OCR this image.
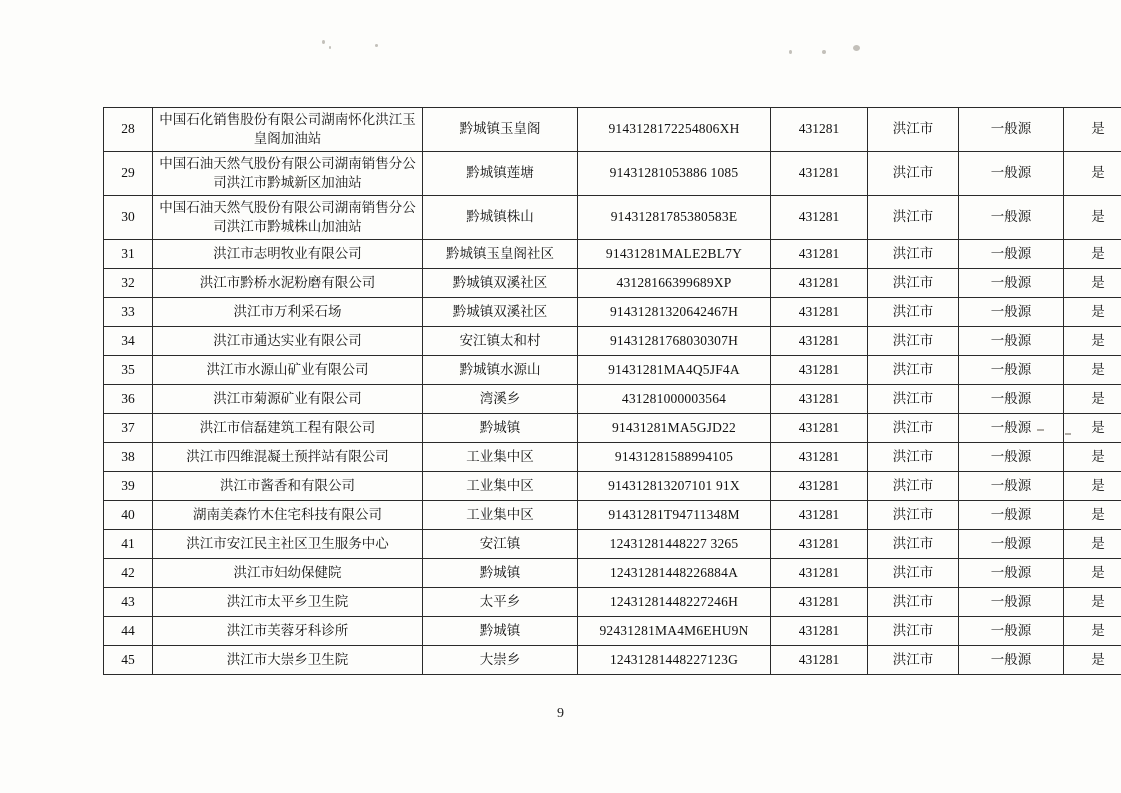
28	中国石化销售股份有限公司湖南怀化洪江玉皇阁加油站	黔城镇玉皇阁	9143128172254806XH	431281	洪江市	一般源	是
29	中国石油天然气股份有限公司湖南销售分公司洪江市黔城新区加油站	黔城镇莲塘	91431281053886 1085	431281	洪江市	一般源	是
30	中国石油天然气股份有限公司湖南销售分公司洪江市黔城株山加油站	黔城镇株山	91431281785380583E	431281	洪江市	一般源	是
31	洪江市志明牧业有限公司	黔城镇玉皇阁社区	91431281MALE2BL7Y	431281	洪江市	一般源	是
32	洪江市黔桥水泥粉磨有限公司	黔城镇双溪社区	43128166399689XP	431281	洪江市	一般源	是
33	洪江市万利采石场	黔城镇双溪社区	91431281320642467H	431281	洪江市	一般源	是
34	洪江市通达实业有限公司	安江镇太和村	91431281768030307H	431281	洪江市	一般源	是
35	洪江市水源山矿业有限公司	黔城镇水源山	91431281MA4Q5JF4A	431281	洪江市	一般源	是
36	洪江市菊源矿业有限公司	湾溪乡	431281000003564	431281	洪江市	一般源	是
37	洪江市信磊建筑工程有限公司	黔城镇	91431281MA5GJD22	431281	洪江市	一般源	是
38	洪江市四维混凝土预拌站有限公司	工业集中区	91431281588994105	431281	洪江市	一般源	是
39	洪江市酱香和有限公司	工业集中区	914312813207101 91X	431281	洪江市	一般源	是
40	湖南美森竹木住宅科技有限公司	工业集中区	91431281T94711348M	431281	洪江市	一般源	是
41	洪江市安江民主社区卫生服务中心	安江镇	12431281448227 3265	431281	洪江市	一般源	是
42	洪江市妇幼保健院	黔城镇	12431281448226884A	431281	洪江市	一般源	是
43	洪江市太平乡卫生院	太平乡	12431281448227246H	431281	洪江市	一般源	是
44	洪江市芙蓉牙科诊所	黔城镇	92431281MA4M6EHU9N	431281	洪江市	一般源	是
45	洪江市大崇乡卫生院	大崇乡	12431281448227123G	431281	洪江市	一般源	是
9
